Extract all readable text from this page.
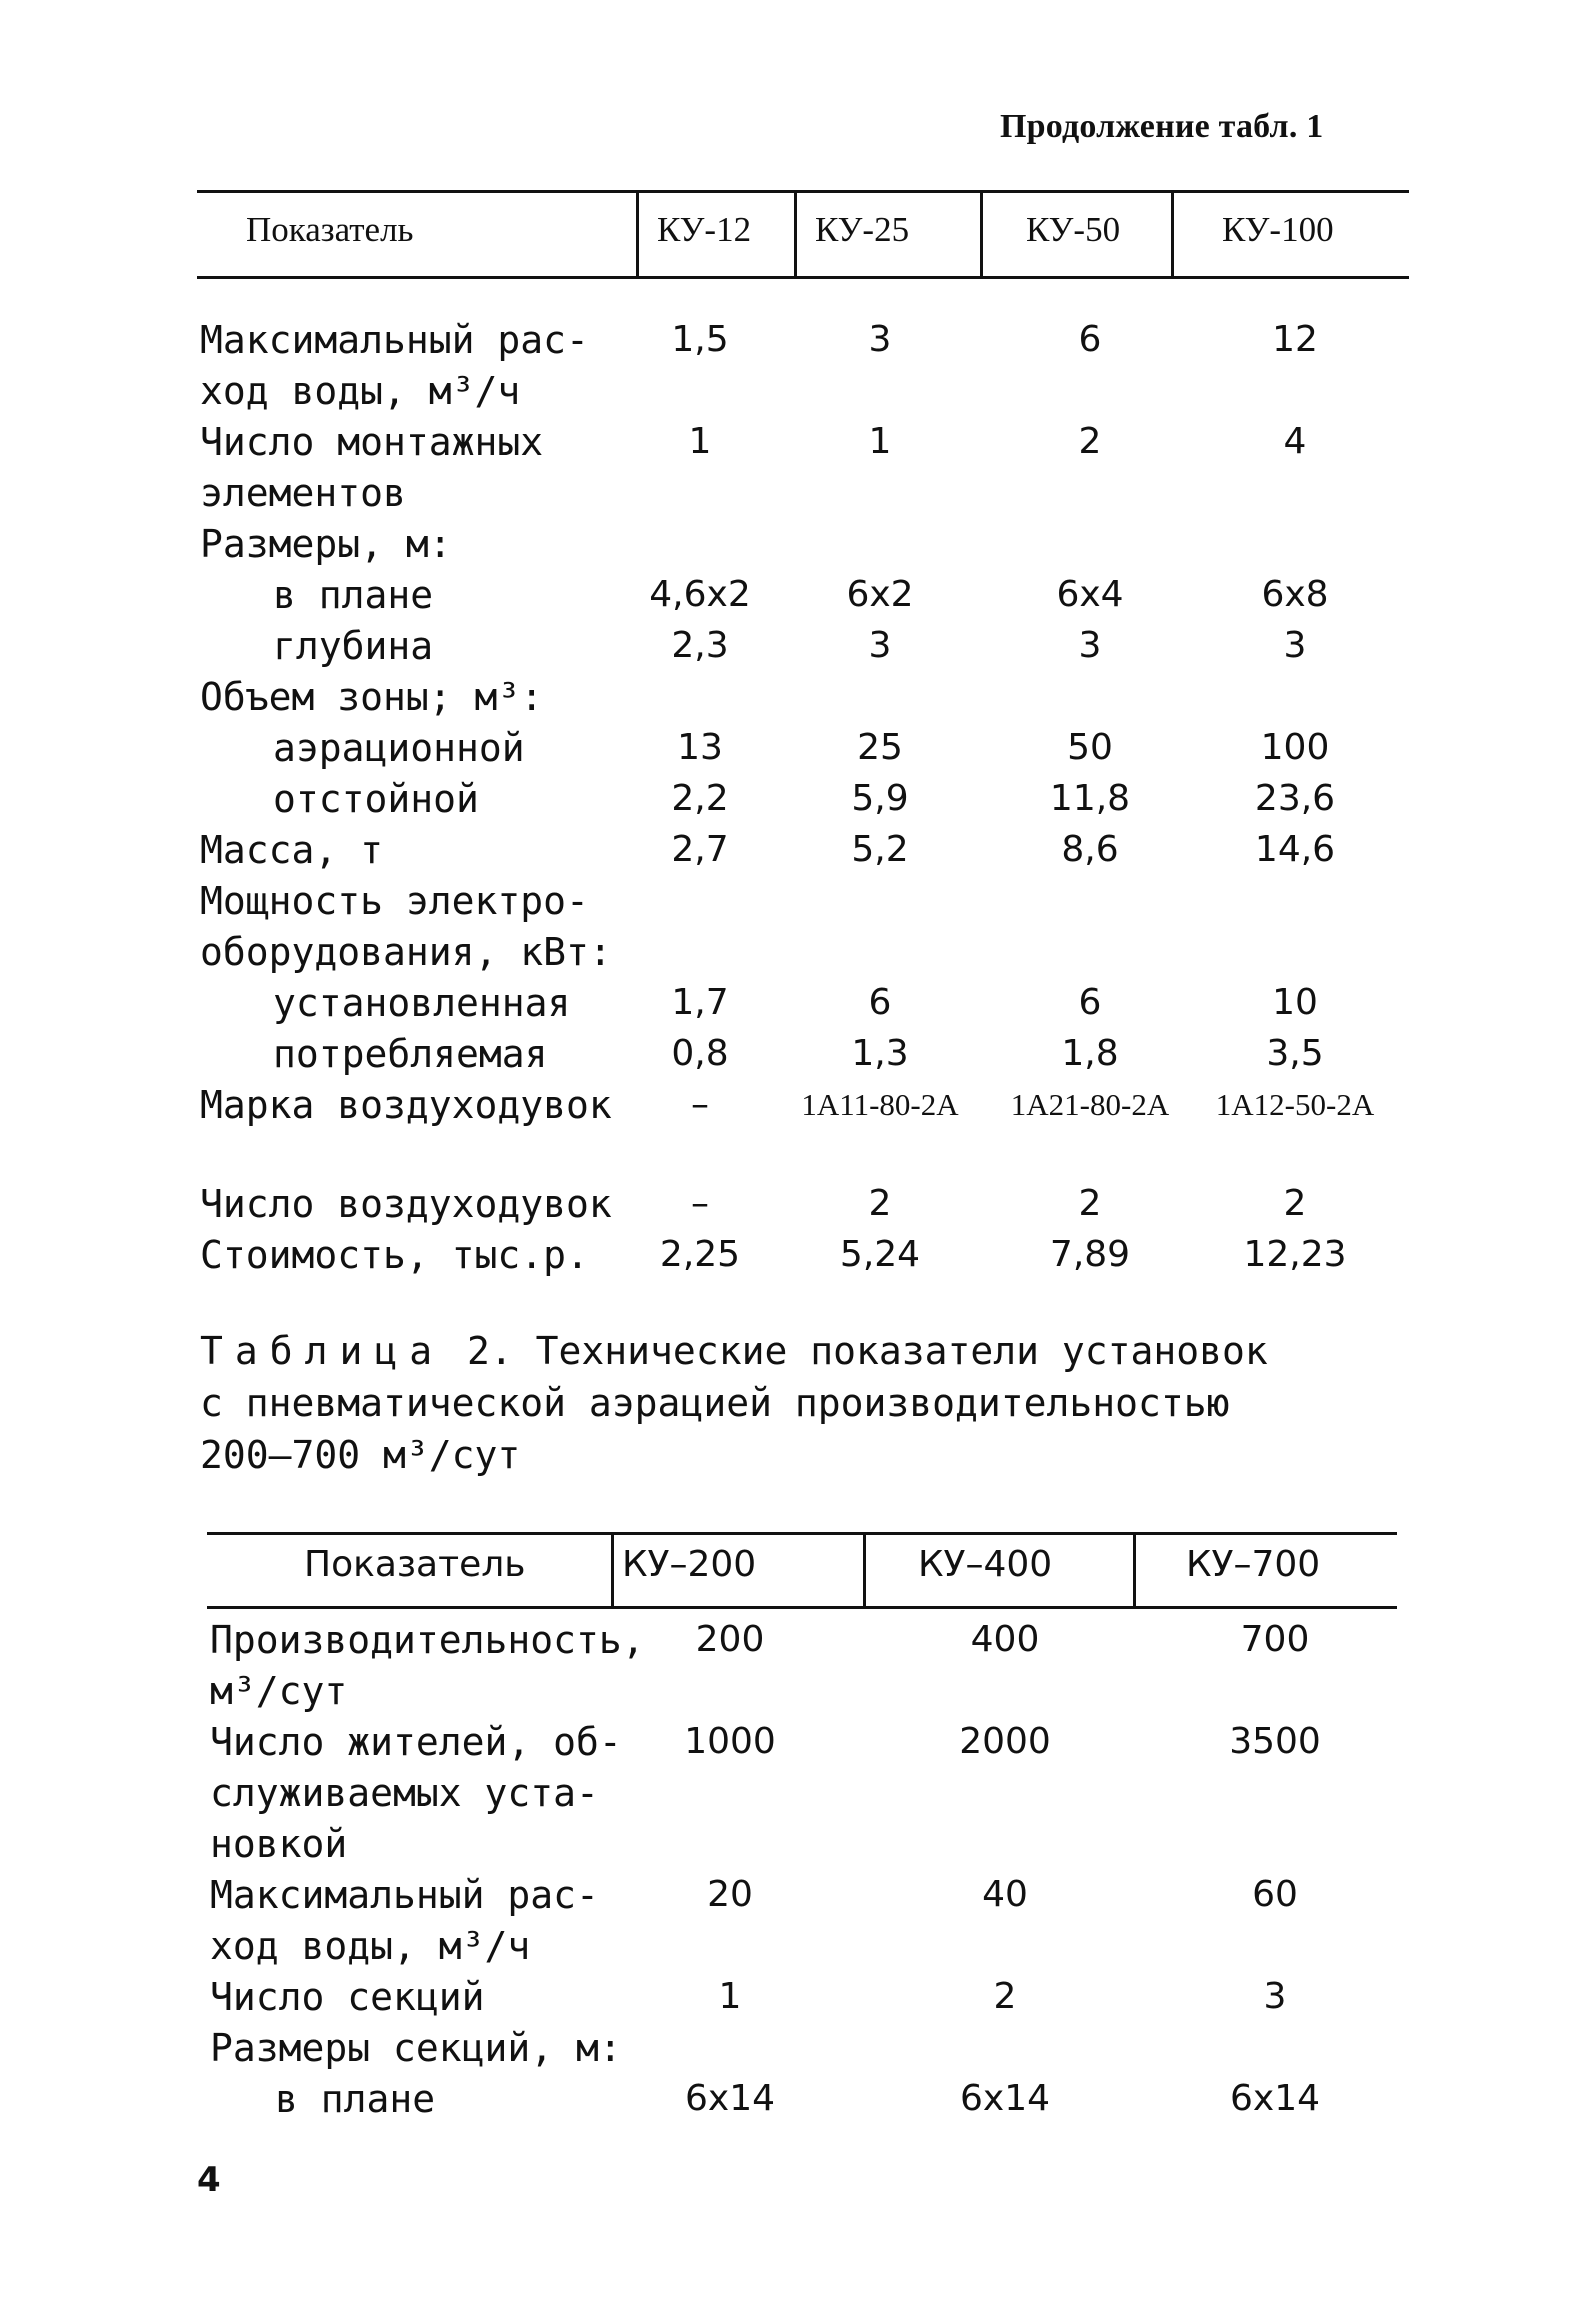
Продолжение табл. 1
Показатель	КУ-12 КУ-25	КУ-50	КУ-100
Максимальный рас-
ход воды, м³/ч
1,5	3	6	12
Число монтажных
элементов
1	1	2	4
Размеры, м:
в плане	4,6x2	6x2	6x4	6x8
глубина	2,3	3	3	3
Объем зоны; м³:
аэрационной	13	25	50	100
отстойной	2,2	5,9	11,8	23,6
Масса, т	2,7	5,2	8,6	14,6
Мощность электро-
оборудования, кВт:
установленная	1,7	6	6	10
потребляемая	0,8	1,3	1,8	3,5
Марка воздуходувок –	1А11-80-2А 1А21-80-2А 1А12-50-2А
Число воздуходувок –	2	2	2
Стоимость, тыс.р. 2,25	5,24	7,89	12,23
Таблица 2. Технические показатели установок
с пневматической аэрацией производительностью
200–700 м³/сут
Показатель	КУ–200	КУ–400	КУ–700
Производительность,
м³/сут
200	400	700
Число жителей, об-
служиваемых уста-
новкой
1000	2000	3500
Максимальный рас-
ход воды, м³/ч
20	40	60
Число секций	1	2	3
Размеры секций, м:
в плане	6x14	6x14	6x14
4
